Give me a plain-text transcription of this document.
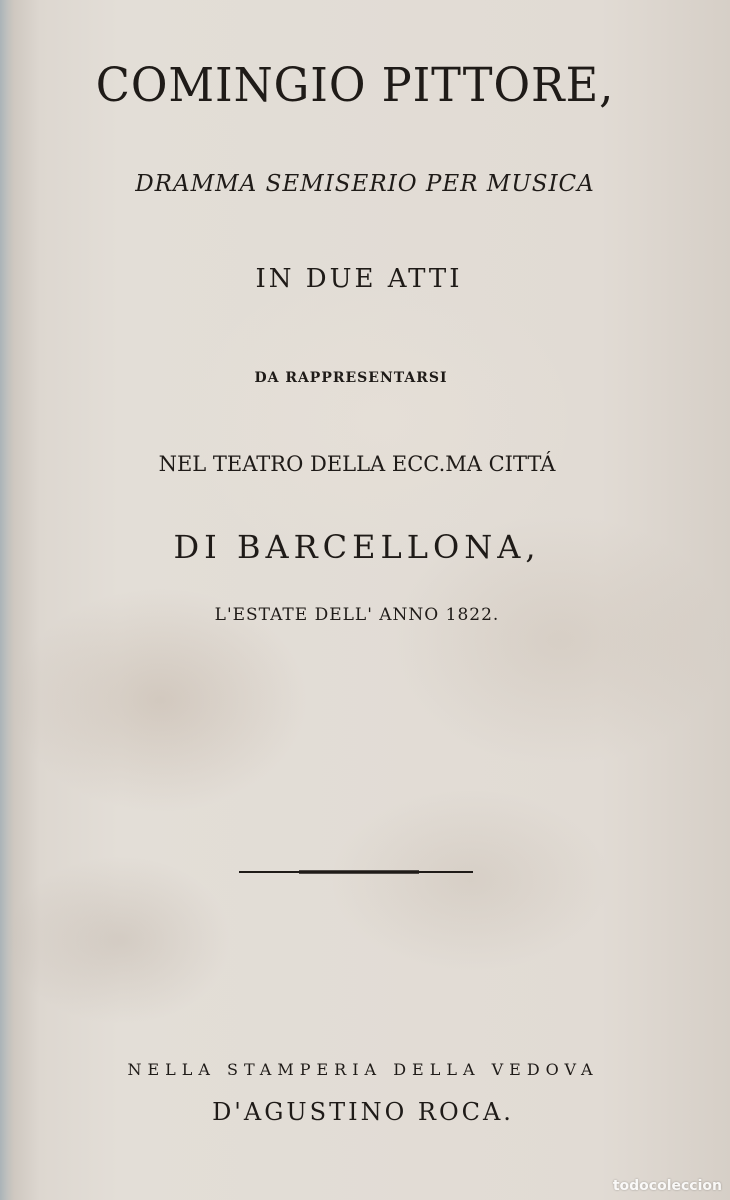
COMINGIO PITTORE,
DRAMMA SEMISERIO PER MUSICA
IN DUE ATTI
DA RAPPRESENTARSI
NEL TEATRO DELLA ECC.MA CITTÁ
DI BARCELLONA,
L'ESTATE DELL' ANNO 1822.
NELLA STAMPERIA DELLA VEDOVA
D'AGUSTINO ROCA.
todocoleccion
